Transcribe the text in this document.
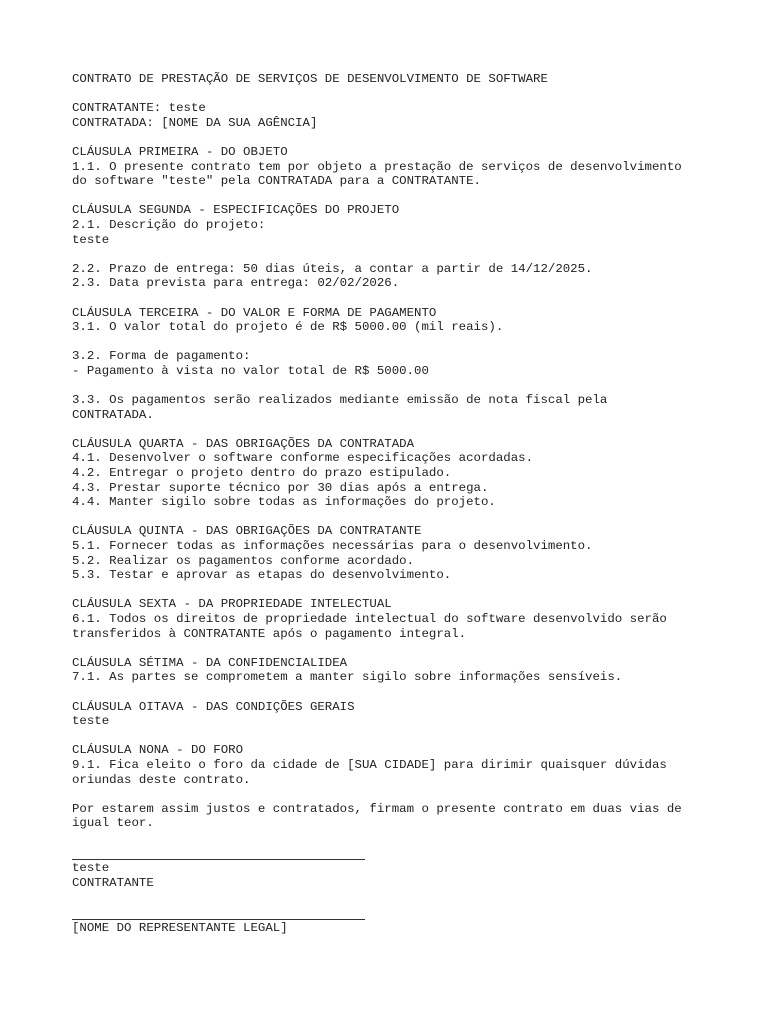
CONTRATO DE PRESTAÇÃO DE SERVIÇOS DE DESENVOLVIMENTO DE SOFTWARE
CONTRATANTE: teste
CONTRATADA: [NOME DA SUA AGÊNCIA]
CLÁUSULA PRIMEIRA - DO OBJETO
1.1. O presente contrato tem por objeto a prestação de serviços de desenvolvimento
do software "teste" pela CONTRATADA para a CONTRATANTE.
CLÁUSULA SEGUNDA - ESPECIFICAÇÕES DO PROJETO
2.1. Descrição do projeto:
teste
2.2. Prazo de entrega: 50 dias úteis, a contar a partir de 14/12/2025.
2.3. Data prevista para entrega: 02/02/2026.
CLÁUSULA TERCEIRA - DO VALOR E FORMA DE PAGAMENTO
3.1. O valor total do projeto é de R$ 5000.00 (mil reais).
3.2. Forma de pagamento:
- Pagamento à vista no valor total de R$ 5000.00
3.3. Os pagamentos serão realizados mediante emissão de nota fiscal pela
CONTRATADA.
CLÁUSULA QUARTA - DAS OBRIGAÇÕES DA CONTRATADA
4.1. Desenvolver o software conforme especificações acordadas.
4.2. Entregar o projeto dentro do prazo estipulado.
4.3. Prestar suporte técnico por 30 dias após a entrega.
4.4. Manter sigilo sobre todas as informações do projeto.
CLÁUSULA QUINTA - DAS OBRIGAÇÕES DA CONTRATANTE
5.1. Fornecer todas as informações necessárias para o desenvolvimento.
5.2. Realizar os pagamentos conforme acordado.
5.3. Testar e aprovar as etapas do desenvolvimento.
CLÁUSULA SEXTA - DA PROPRIEDADE INTELECTUAL
6.1. Todos os direitos de propriedade intelectual do software desenvolvido serão
transferidos à CONTRATANTE após o pagamento integral.
CLÁUSULA SÉTIMA - DA CONFIDENCIALIDEA
7.1. As partes se comprometem a manter sigilo sobre informações sensíveis.
CLÁUSULA OITAVA - DAS CONDIÇÕES GERAIS
teste
CLÁUSULA NONA - DO FORO
9.1. Fica eleito o foro da cidade de [SUA CIDADE] para dirimir quaisquer dúvidas
oriundas deste contrato.
Por estarem assim justos e contratados, firmam o presente contrato em duas vias de
igual teor.
teste
CONTRATANTE
[NOME DO REPRESENTANTE LEGAL]
